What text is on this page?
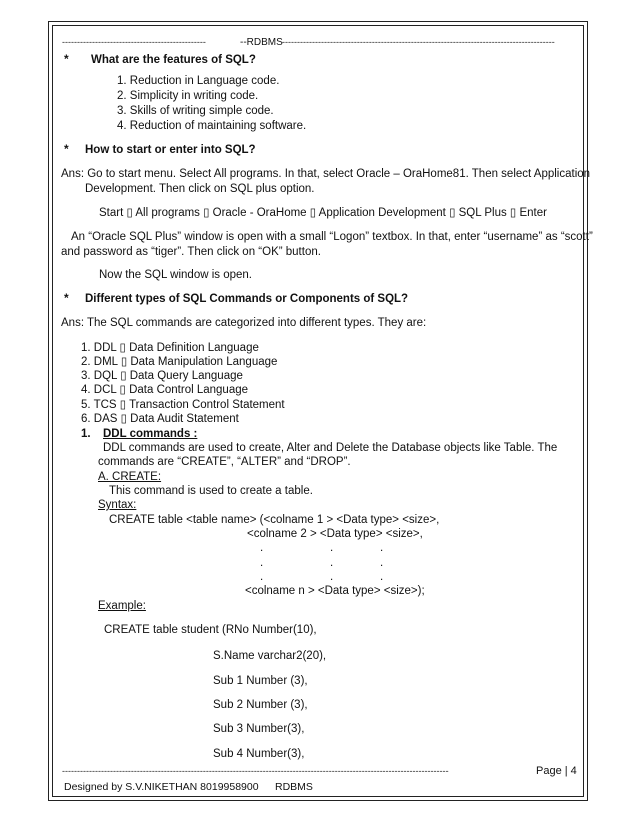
------------------------------------------------	--RDBMS -------------------------------------------------------------------------------------------
* What are the features of SQL?
1. Reduction in Language code.
2. Simplicity in writing code.
3. Skills of writing simple code.
4. Reduction of maintaining software.
* How to start or enter into SQL?
Ans: Go to start menu. Select All programs. In that, select Oracle – OraHome81. Then select Application
Development. Then click on SQL plus option.
Start ▯ All programs ▯ Oracle - OraHome ▯ Application Development ▯ SQL Plus ▯ Enter
An “Oracle SQL Plus” window is open with a small “Logon” textbox. In that, enter “username” as “scott”
and password as “tiger”. Then click on “OK” button.
Now the SQL window is open.
* Different types of SQL Commands or Components of SQL?
Ans: The SQL commands are categorized into different types. They are:
1. DDL ▯ Data Definition Language
2. DML ▯ Data Manipulation Language
3. DQL ▯ Data Query Language
4. DCL ▯ Data Control Language
5. TCS ▯ Transaction Control Statement
6. DAS ▯ Data Audit Statement
1. DDL commands :
DDL commands are used to create, Alter and Delete the Database objects like Table. The
commands are “CREATE”, “ALTER” and “DROP”.
A. CREATE:
This command is used to create a table.
Syntax:
CREATE table <table name> (<colname 1 > <Data type> <size>,
<colname 2 > <Data type> <size>,
.	.	.
.	.	.
.	.	.
<colname n > <Data type> <size>);
Example:
CREATE table student (RNo Number(10),
S.Name varchar2(20),
Sub 1 Number (3),
Sub 2 Number (3),
Sub 3 Number(3),
Sub 4 Number(3),
---------------------------------------------------------------------------------------------------------------------------------	Page | 4
Designed by S.V.NIKETHAN 8019958900 RDBMS
